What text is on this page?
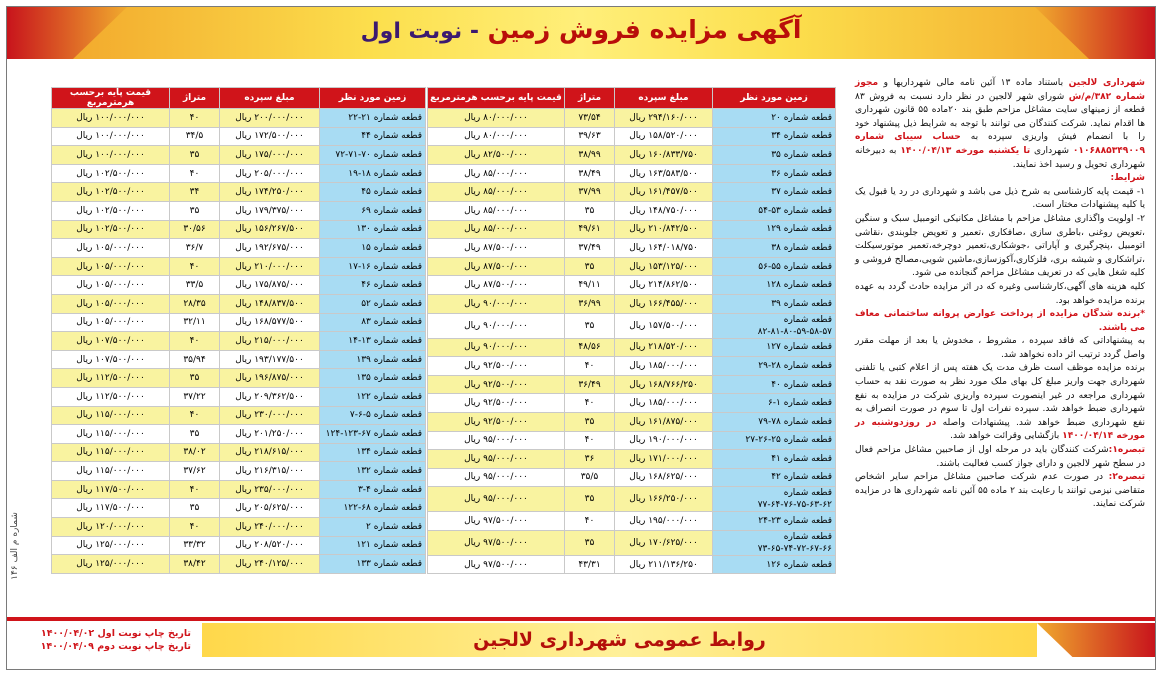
آگهی مزایده فروش زمین - نوبت اول
شماره م الف ۱۴۶

شهرداری لالجین باستناد ماده ۱۳ آئین نامه مالی شهرداریها و مجوز شماره ۳۸۲/م/ش شورای شهر لالجین در نظر دارد نسبت به فروش ۸۳ قطعه از زمینهای سایت مشاغل مزاحم طبق بند ۲۰ماده ۵۵ قانون شهرداری ها اقدام نماید. شرکت کنندگان می توانند با توجه به شرایط ذیل پیشنهاد خود را با انضمام فیش واریزی سپرده به حساب سیبای شماره ۰۱۰۶۸۸۵۳۴۹۰۰۹ شهرداری تا یکشنبه مورخه ۱۴۰۰/۰۴/۱۳ به دبیرخانه شهرداری تحویل و رسید اخذ نمایند.

شرایط:

۱- قیمت پایه کارشناسی به شرح ذیل می باشد و شهرداری در رد یا قبول یک یا کلیه پیشنهادات مختار است.

۲- اولویت واگذاری مشاغل مزاحم با مشاغل مکانیکی اتومبیل سبک و سنگین ،تعویض روغنی ،باطری سازی ،صافکاری ،تعمیر و تعویض جلوبندی ،نقاشی اتومبیل ،پنچرگیری و آپاراتی ،جوشکاری،تعمیر دوچرخه،تعمیر موتورسیکلت ،تراشکاری و شیشه بری، فلزکاری،آکوزسازی،ماشین شویی،مصالح فروشی و کلیه شغل هایی که در تعریف مشاغل مزاحم گنجانده می شود.

کلیه هزینه های آگهی،کارشناسی وغیره که در اثر مزایده حادث گردد به عهده برنده مزایده خواهد بود.

*برنده شدگان مزایده از پرداخت عوارض پروانه ساختمانی معاف می باشند.

به پیشنهاداتی که فاقد سپرده ، مشروط ، مخدوش یا بعد از مهلت مقرر واصل گردد ترتیب اثر داده نخواهد شد.

برنده مزایده موظف است ظرف مدت یک هفته پس از اعلام کتبی یا تلفنی شهرداری جهت واریز مبلغ کل بهای ملک مورد نظر به صورت نقد به حساب شهرداری مراجعه در غیر اینصورت سپرده واریزی شرکت در مزایده به نفع شهرداری ضبط خواهد شد. سپرده نفرات اول تا سوم در صورت انصراف به نفع شهرداری ضبط خواهد شد. پیشنهادات واصله در روزدوشنبه در مورخه ۱۴۰۰/۰۴/۱۴ بازگشایی وقرائت خواهد شد.

تبصره۱:شرکت کنندگان باید در مرحله اول از صاحبین مشاغل مزاحم فعال در سطح شهر لالجین و دارای جواز کسب فعالیت باشند.

تبصره۲: در صورت عدم شرکت صاحبین مشاغل مزاحم سایر اشخاص متقاضی نیزمی توانند با رعایت بند ۲ ماده ۵۵ آئین نامه شهرداری ها در مزایده شرکت نمایند.

زمین مورد نظر	مبلغ سپرده	متراژ	قیمت پایه برحسب هرمترمربع
قطعه شماره ۲۰	۲۹۴/۱۶۰/۰۰۰ ریال	۷۳/۵۴	۸۰/۰۰۰/۰۰۰ ریال
قطعه شماره ۳۴	۱۵۸/۵۲۰/۰۰۰ ریال	۳۹/۶۳	۸۰/۰۰۰/۰۰۰ ریال
قطعه شماره ۳۵	۱۶۰/۸۳۳/۷۵۰ ریال	۳۸/۹۹	۸۲/۵۰۰/۰۰۰ ریال
قطعه شماره ۳۶	۱۶۳/۵۸۳/۵۰۰ ریال	۳۸/۴۹	۸۵/۰۰۰/۰۰۰ ریال
قطعه شماره ۳۷	۱۶۱/۴۵۷/۵۰۰ ریال	۳۷/۹۹	۸۵/۰۰۰/۰۰۰ ریال
قطعه شماره ۵۳-۵۴	۱۴۸/۷۵۰/۰۰۰ ریال	۳۵	۸۵/۰۰۰/۰۰۰ ریال
قطعه شماره ۱۲۹	۲۱۰/۸۴۲/۵۰۰ ریال	۴۹/۶۱	۸۵/۰۰۰/۰۰۰ ریال
قطعه شماره ۳۸	۱۶۴/۰۱۸/۷۵۰ ریال	۳۷/۴۹	۸۷/۵۰۰/۰۰۰ ریال
قطعه شماره ۵۵-۵۶	۱۵۳/۱۲۵/۰۰۰ ریال	۳۵	۸۷/۵۰۰/۰۰۰ ریال
قطعه شماره ۱۲۸	۲۱۴/۸۶۲/۵۰۰ ریال	۴۹/۱۱	۸۷/۵۰۰/۰۰۰ ریال
قطعه شماره ۳۹	۱۶۶/۴۵۵/۰۰۰ ریال	۳۶/۹۹	۹۰/۰۰۰/۰۰۰ ریال
قطعه شماره ۵۷-۵۸-۵۹-۸۰-۸۱-۸۲	۱۵۷/۵۰۰/۰۰۰ ریال	۳۵	۹۰/۰۰۰/۰۰۰ ریال
قطعه شماره ۱۲۷	۲۱۸/۵۲۰/۰۰۰ ریال	۴۸/۵۶	۹۰/۰۰۰/۰۰۰ ریال
قطعه شماره ۲۸-۲۹	۱۸۵/۰۰۰/۰۰۰ ریال	۴۰	۹۲/۵۰۰/۰۰۰ ریال
قطعه شماره ۴۰	۱۶۸/۷۶۶/۲۵۰ ریال	۳۶/۴۹	۹۲/۵۰۰/۰۰۰ ریال
قطعه شماره ۱-۶	۱۸۵/۰۰۰/۰۰۰ ریال	۴۰	۹۲/۵۰۰/۰۰۰ ریال
قطعه شماره ۷۸-۷۹	۱۶۱/۸۷۵/۰۰۰ ریال	۳۵	۹۲/۵۰۰/۰۰۰ ریال
قطعه شماره ۲۵-۲۶-۲۷	۱۹۰/۰۰۰/۰۰۰ ریال	۴۰	۹۵/۰۰۰/۰۰۰ ریال
قطعه شماره ۴۱	۱۷۱/۰۰۰/۰۰۰ ریال	۳۶	۹۵/۰۰۰/۰۰۰ ریال
قطعه شماره ۴۲	۱۶۸/۶۲۵/۰۰۰ ریال	۳۵/۵	۹۵/۰۰۰/۰۰۰ ریال
قطعه شماره ۶۲-۶۳-۷۵-۷۶-۶۴-۷۷	۱۶۶/۲۵۰/۰۰۰ ریال	۳۵	۹۵/۰۰۰/۰۰۰ ریال
قطعه شماره ۲۳-۲۴	۱۹۵/۰۰۰/۰۰۰ ریال	۴۰	۹۷/۵۰۰/۰۰۰ ریال
قطعه شماره ۶۶-۶۷-۷۲-۷۴-۶۵-۷۳	۱۷۰/۶۲۵/۰۰۰ ریال	۳۵	۹۷/۵۰۰/۰۰۰ ریال
قطعه شماره ۱۲۶	۲۱۱/۱۳۶/۲۵۰ ریال	۴۳/۳۱	۹۷/۵۰۰/۰۰۰ ریال
زمین مورد نظر	مبلغ سپرده	متراژ	قیمت پایه برحسب هرمترمربع
قطعه شماره ۲۱-۲۲	۲۰۰/۰۰۰/۰۰۰ ریال	۴۰	۱۰۰/۰۰۰/۰۰۰ ریال
قطعه شماره ۴۴	۱۷۲/۵۰۰/۰۰۰ ریال	۳۴/۵	۱۰۰/۰۰۰/۰۰۰ ریال
قطعه شماره ۷۰-۷۱-۷۲	۱۷۵/۰۰۰/۰۰۰ ریال	۳۵	۱۰۰/۰۰۰/۰۰۰ ریال
قطعه شماره ۱۸-۱۹	۲۰۵/۰۰۰/۰۰۰ ریال	۴۰	۱۰۲/۵۰۰/۰۰۰ ریال
قطعه شماره ۴۵	۱۷۴/۲۵۰/۰۰۰ ریال	۳۴	۱۰۲/۵۰۰/۰۰۰ ریال
قطعه شماره ۶۹	۱۷۹/۳۷۵/۰۰۰ ریال	۳۵	۱۰۲/۵۰۰/۰۰۰ ریال
قطعه شماره ۱۳۰	۱۵۶/۲۶۷/۵۰۰ ریال	۳۰/۵۶	۱۰۲/۵۰۰/۰۰۰ ریال
قطعه شماره ۱۵	۱۹۲/۶۷۵/۰۰۰ ریال	۳۶/۷	۱۰۵/۰۰۰/۰۰۰ ریال
قطعه شماره ۱۶-۱۷	۲۱۰/۰۰۰/۰۰۰ ریال	۴۰	۱۰۵/۰۰۰/۰۰۰ ریال
قطعه شماره ۴۶	۱۷۵/۸۷۵/۰۰۰ ریال	۳۳/۵	۱۰۵/۰۰۰/۰۰۰ ریال
قطعه شماره ۵۲	۱۴۸/۸۳۷/۵۰۰ ریال	۲۸/۳۵	۱۰۵/۰۰۰/۰۰۰ ریال
قطعه شماره ۸۳	۱۶۸/۵۷۷/۵۰۰ ریال	۳۲/۱۱	۱۰۵/۰۰۰/۰۰۰ ریال
قطعه شماره ۱۳-۱۴	۲۱۵/۰۰۰/۰۰۰ ریال	۴۰	۱۰۷/۵۰۰/۰۰۰ ریال
قطعه شماره ۱۳۹	۱۹۳/۱۷۷/۵۰۰ ریال	۳۵/۹۴	۱۰۷/۵۰۰/۰۰۰ ریال
قطعه شماره ۱۳۵	۱۹۶/۸۷۵/۰۰۰ ریال	۳۵	۱۱۲/۵۰۰/۰۰۰ ریال
قطعه شماره ۱۲۲	۲۰۹/۳۶۲/۵۰۰ ریال	۳۷/۲۲	۱۱۲/۵۰۰/۰۰۰ ریال
قطعه شماره ۵-۶-۷	۲۳۰/۰۰۰/۰۰۰ ریال	۴۰	۱۱۵/۰۰۰/۰۰۰ ریال
قطعه شماره ۶۷-۱۲۳-۱۲۴	۲۰۱/۲۵۰/۰۰۰ ریال	۳۵	۱۱۵/۰۰۰/۰۰۰ ریال
قطعه شماره ۱۳۴	۲۱۸/۶۱۵/۰۰۰ ریال	۳۸/۰۲	۱۱۵/۰۰۰/۰۰۰ ریال
قطعه شماره ۱۳۲	۲۱۶/۳۱۵/۰۰۰ ریال	۳۷/۶۲	۱۱۵/۰۰۰/۰۰۰ ریال
قطعه شماره ۴-۳	۲۳۵/۰۰۰/۰۰۰ ریال	۴۰	۱۱۷/۵۰۰/۰۰۰ ریال
قطعه شماره ۶۸-۱۲۲	۲۰۵/۶۲۵/۰۰۰ ریال	۳۵	۱۱۷/۵۰۰/۰۰۰ ریال
قطعه شماره ۲	۲۴۰/۰۰۰/۰۰۰ ریال	۴۰	۱۲۰/۰۰۰/۰۰۰ ریال
قطعه شماره ۱۲۱	۲۰۸/۵۲۰/۰۰۰ ریال	۳۳/۳۲	۱۲۵/۰۰۰/۰۰۰ ریال
قطعه شماره ۱۳۳	۲۴۰/۱۲۵/۰۰۰ ریال	۳۸/۴۲	۱۲۵/۰۰۰/۰۰۰ ریال
تاریخ چاپ نوبت اول ۱۴۰۰/۰۴/۰۲
تاریخ چاپ نوبت دوم ۱۴۰۰/۰۴/۰۹	روابط عمومی شهرداری لالجین
